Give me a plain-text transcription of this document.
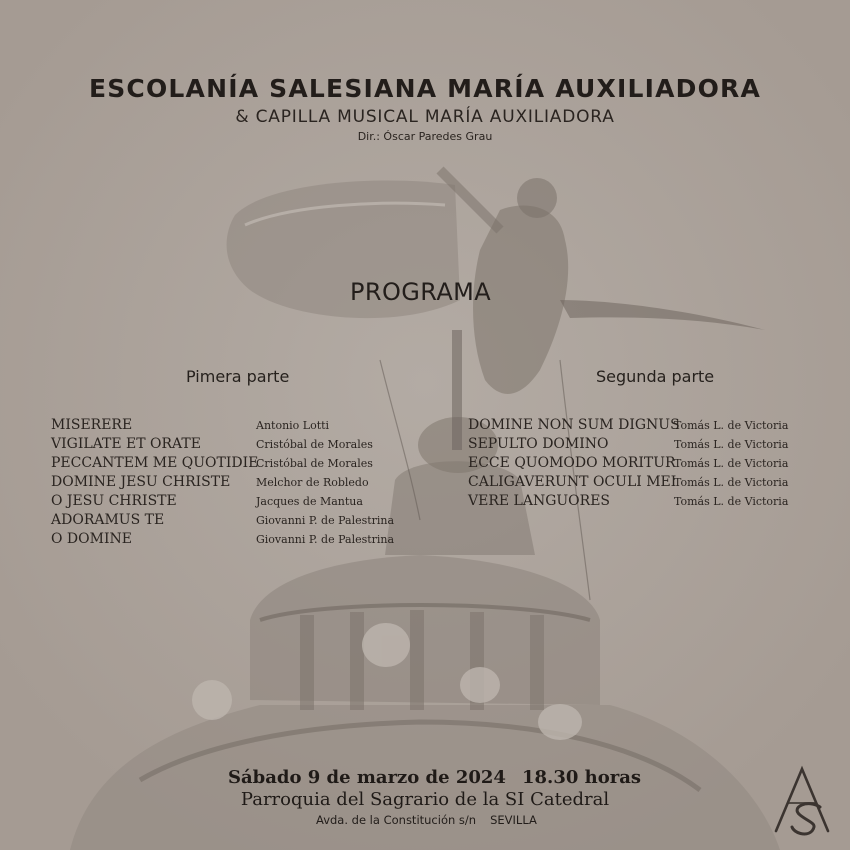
ESCOLANÍA SALESIANA MARÍA AUXILIADORA
& CAPILLA MUSICAL MARÍA AUXILIADORA
Dir.: Óscar Paredes Grau
PROGRAMA
Pimera parte	Segunda parte
MISERERE
VIGILATE ET ORATE
PECCANTEM ME QUOTIDIE
DOMINE JESU CHRISTE
O JESU CHRISTE
ADORAMUS TE
O DOMINE
Antonio Lotti
Cristóbal de Morales
Cristóbal de Morales
Melchor de Robledo
Jacques de Mantua
Giovanni P. de Palestrina
Giovanni P. de Palestrina
DOMINE NON SUM DIGNUS
SEPULTO DOMINO
ECCE QUOMODO MORITUR
CALIGAVERUNT OCULI MEI
VERE LANGUORES
Tomás L. de Victoria
Tomás L. de Victoria
Tomás L. de Victoria
Tomás L. de Victoria
Tomás L. de Victoria
Sábado 9 de marzo de 2024 18.30 horas
Parroquia del Sagrario de la SI Catedral
Avda. de la Constitución s/n SEVILLA
